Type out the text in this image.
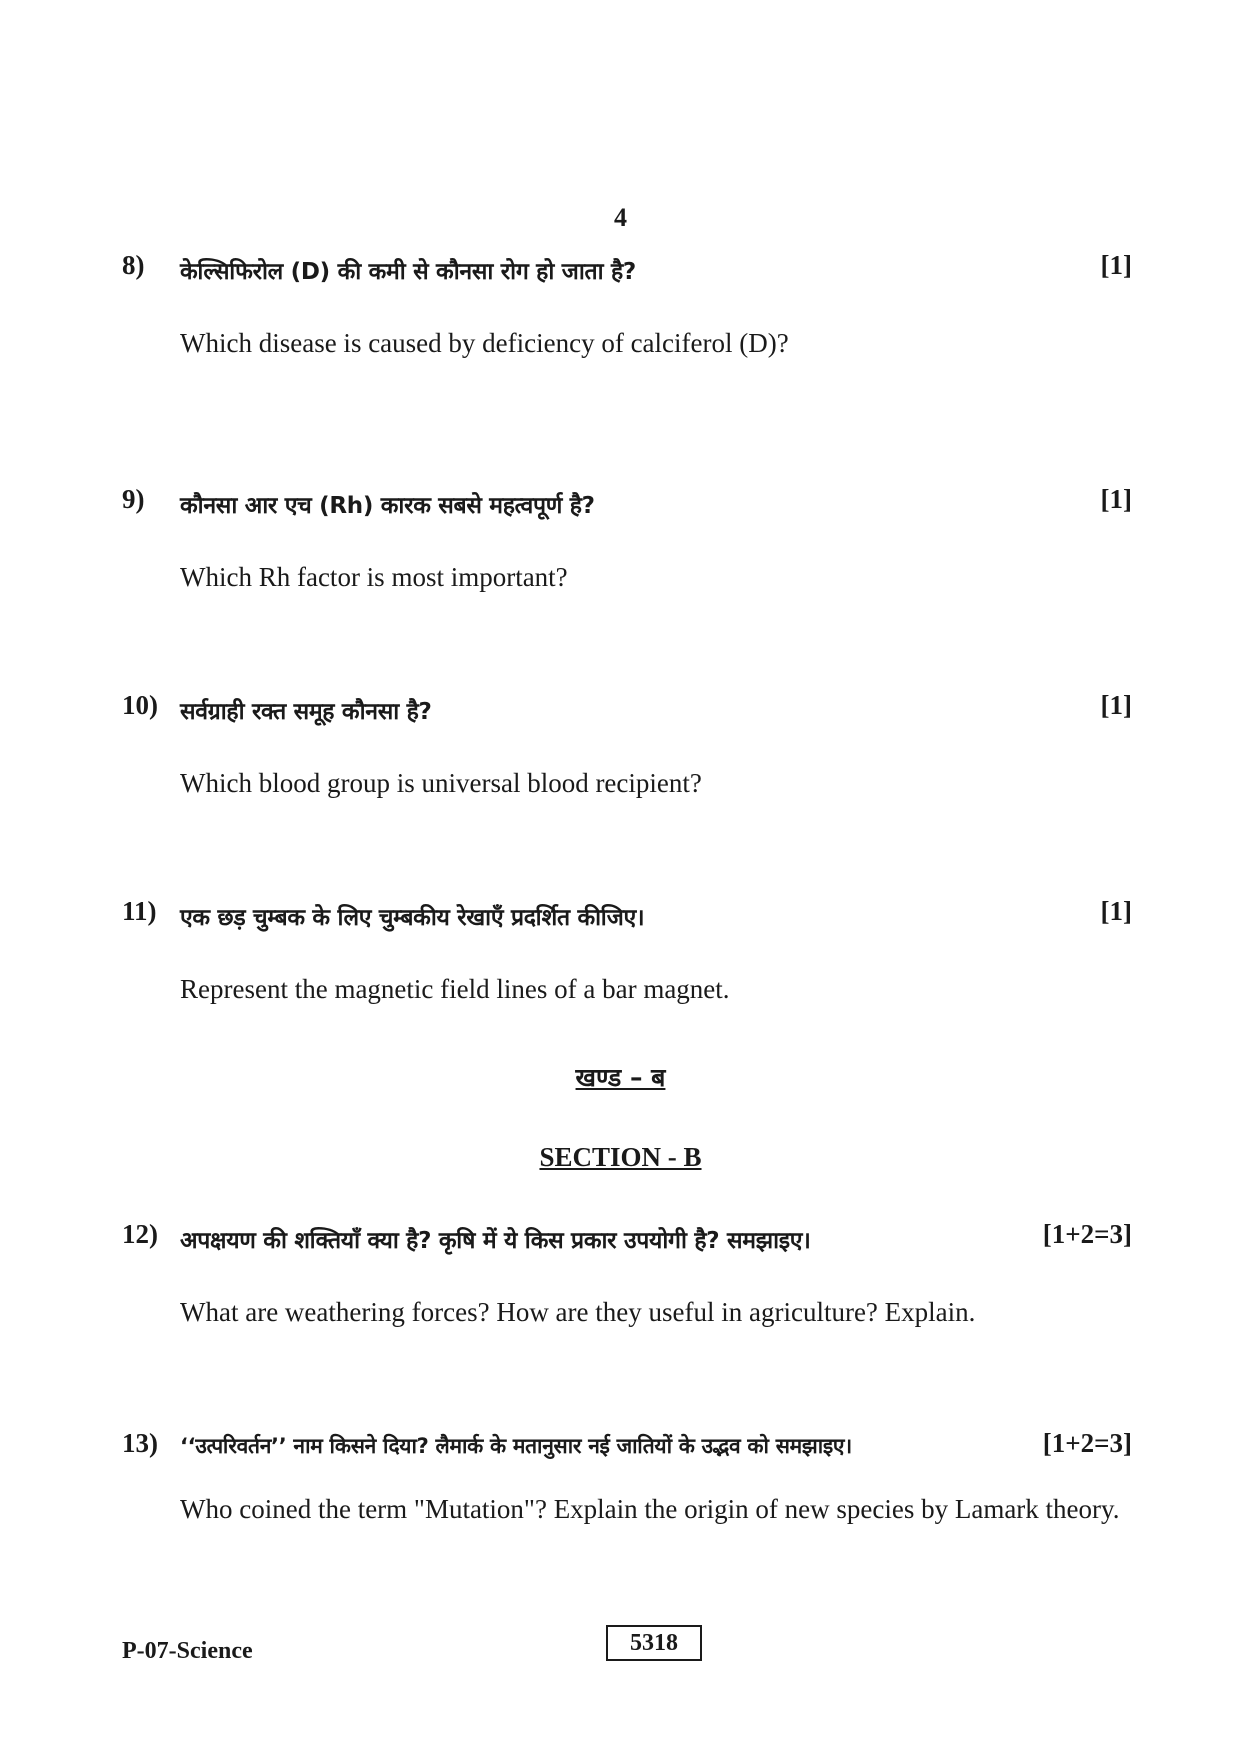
4
8) केल्सिफिरोल (D) की कमी से कौनसा रोग हो जाता है?	[1]
Which disease is caused by deficiency of calciferol (D)?
9) कौनसा आर एच (Rh) कारक सबसे महत्वपूर्ण है?	[1]
Which Rh factor is most important?
10) सर्वग्राही रक्त समूह कौनसा है?	[1]
Which blood group is universal blood recipient?
11) एक छड़ चुम्बक के लिए चुम्बकीय रेखाएँ प्रदर्शित कीजिए।	[1]
Represent the magnetic field lines of a bar magnet.
खण्ड – ब
SECTION - B
12) अपक्षयण की शक्तियाँ क्या है? कृषि में ये किस प्रकार उपयोगी है? समझाइए।	[1+2=3]
What are weathering forces? How are they useful in agriculture? Explain.
13) ‘‘उत्परिवर्तन’’ नाम किसने दिया? लैमार्क के मतानुसार नई जातियों के उद्भव को समझाइए।	[1+2=3]
Who coined the term "Mutation"? Explain the origin of new species by Lamark theory.
P-07-Science	5318
